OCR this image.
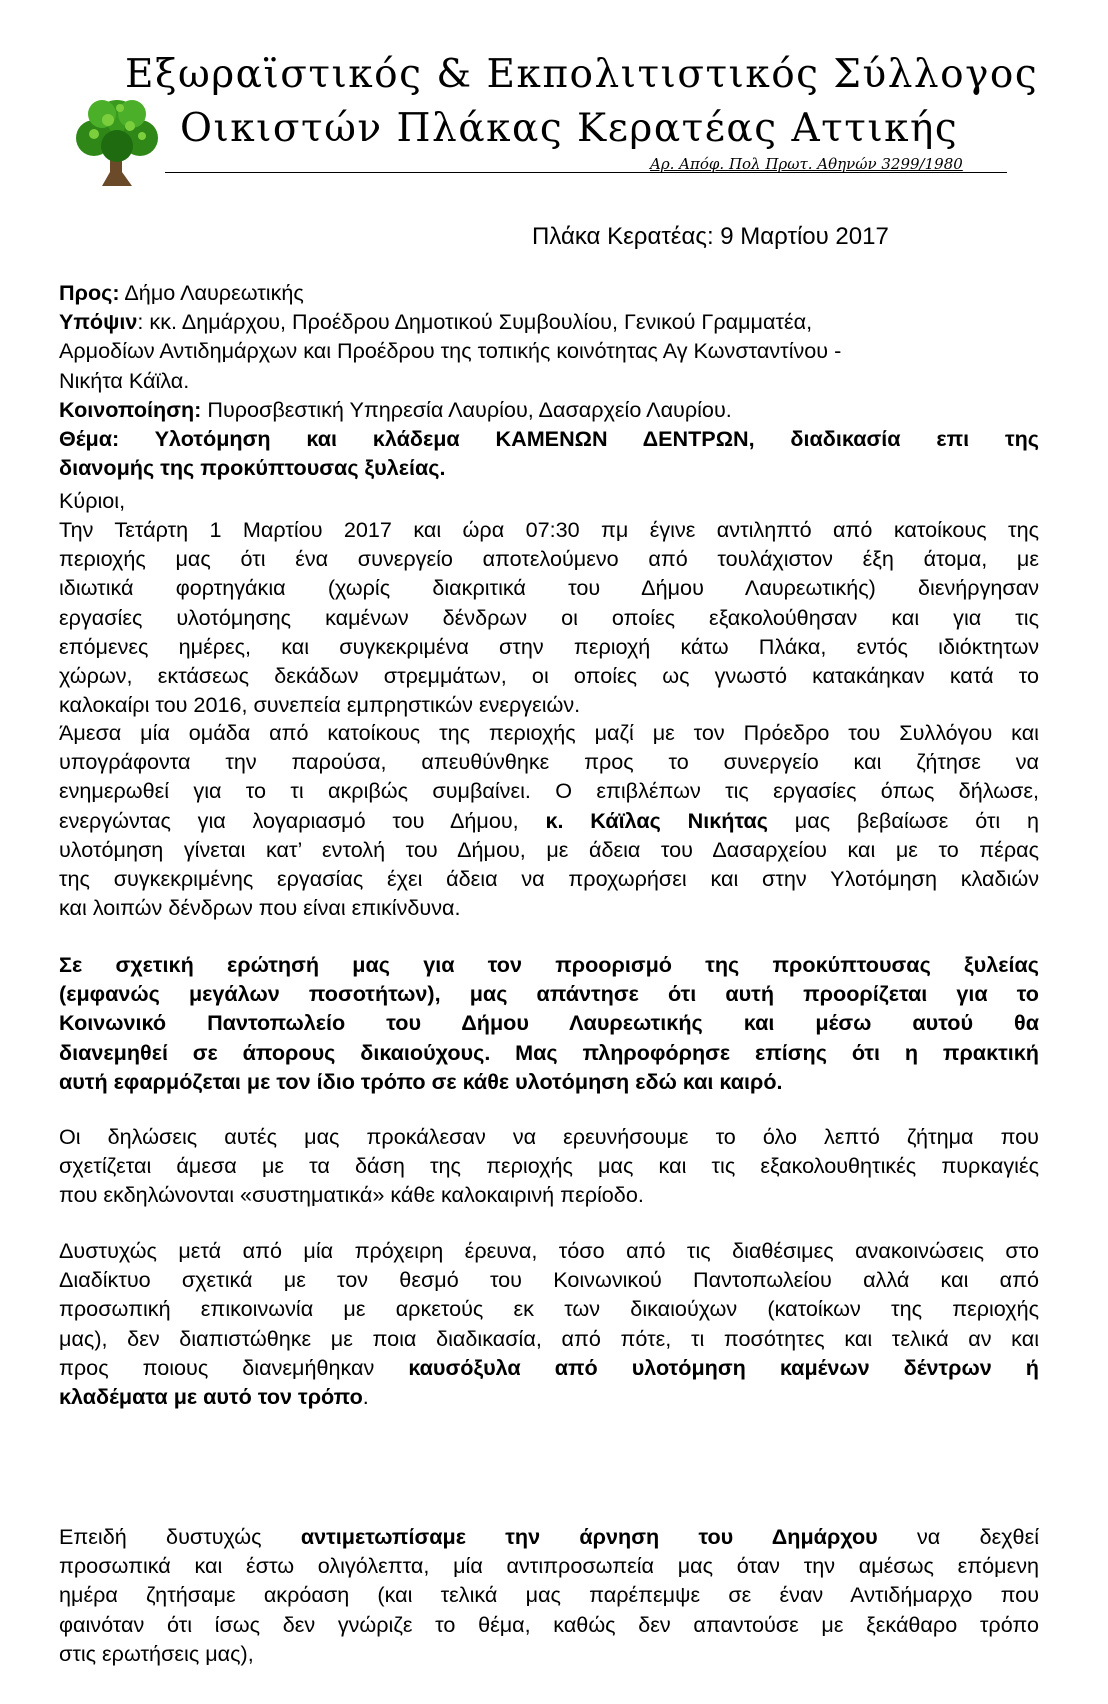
Εξωραϊστικός & Εκπολιτιστικός Σύλλογος
Οικιστών Πλάκας Κερατέας Αττικής
Αρ. Απόφ. Πολ Πρωτ. Αθηνών 3299/1980
Πλάκα Κερατέας: 9 Μαρτίου 2017
Προς: Δήμο Λαυρεωτικής
Υπόψιν: κκ. Δημάρχου, Προέδρου Δημοτικού Συμβουλίου, Γενικού Γραμματέα,
Αρμοδίων Αντιδημάρχων και Προέδρου της τοπικής κοινότητας Αγ Κωνσταντίνου -
Νικήτα Κάϊλα.
Κοινοποίηση: Πυροσβεστική Υπηρεσία Λαυρίου, Δασαρχείο Λαυρίου.
Θέμα: Υλοτόμηση και κλάδεμα ΚΑΜΕΝΩΝ ΔΕΝΤΡΩΝ, διαδικασία επι της
διανομής της προκύπτουσας ξυλείας.
Κύριοι,
Την Τετάρτη 1 Μαρτίου 2017 και ώρα 07:30 πμ έγινε αντιληπτό από κατοίκους της
περιοχής μας ότι ένα συνεργείο αποτελούμενο από τουλάχιστον έξη άτομα, με
ιδιωτικά φορτηγάκια (χωρίς διακριτικά του Δήμου Λαυρεωτικής) διενήργησαν
εργασίες υλοτόμησης καμένων δένδρων οι οποίες εξακολούθησαν και για τις
επόμενες ημέρες, και συγκεκριμένα στην περιοχή κάτω Πλάκα, εντός ιδιόκτητων
χώρων, εκτάσεως δεκάδων στρεμμάτων, οι οποίες ως γνωστό κατακάηκαν κατά το
καλοκαίρι του 2016, συνεπεία εμπρηστικών ενεργειών.
Άμεσα μία ομάδα από κατοίκους της περιοχής μαζί με τον Πρόεδρο του Συλλόγου και
υπογράφοντα την παρούσα, απευθύνθηκε προς το συνεργείο και ζήτησε να
ενημερωθεί για το τι ακριβώς συμβαίνει. Ο επιβλέπων τις εργασίες όπως δήλωσε,
ενεργώντας για λογαριασμό του Δήμου, κ. Κάϊλας Νικήτας μας βεβαίωσε ότι η
υλοτόμηση γίνεται κατ’ εντολή του Δήμου, με άδεια του Δασαρχείου και με το πέρας
της συγκεκριμένης εργασίας έχει άδεια να προχωρήσει και στην Υλοτόμηση κλαδιών
και λοιπών δένδρων που είναι επικίνδυνα.
Σε σχετική ερώτησή μας για τον προορισμό της προκύπτουσας ξυλείας
(εμφανώς μεγάλων ποσοτήτων), μας απάντησε ότι αυτή προορίζεται για το
Κοινωνικό Παντοπωλείο του Δήμου Λαυρεωτικής και μέσω αυτού θα
διανεμηθεί σε άπορους δικαιούχους. Μας πληροφόρησε επίσης ότι η πρακτική
αυτή εφαρμόζεται με τον ίδιο τρόπο σε κάθε υλοτόμηση εδώ και καιρό.
Οι δηλώσεις αυτές μας προκάλεσαν να ερευνήσουμε το όλο λεπτό ζήτημα που
σχετίζεται άμεσα με τα δάση της περιοχής μας και τις εξακολουθητικές πυρκαγιές
που εκδηλώνονται «συστηματικά» κάθε καλοκαιρινή περίοδο.
Δυστυχώς μετά από μία πρόχειρη έρευνα, τόσο από τις διαθέσιμες ανακοινώσεις στο
Διαδίκτυο σχετικά με τον θεσμό του Κοινωνικού Παντοπωλείου αλλά και από
προσωπική επικοινωνία με αρκετούς εκ των δικαιούχων (κατοίκων της περιοχής
μας), δεν διαπιστώθηκε με ποια διαδικασία, από πότε, τι ποσότητες και τελικά αν και
προς ποιους διανεμήθηκαν καυσόξυλα από υλοτόμηση καμένων δέντρων ή
κλαδέματα με αυτό τον τρόπο.
Επειδή δυστυχώς αντιμετωπίσαμε την άρνηση του Δημάρχου να δεχθεί
προσωπικά και έστω ολιγόλεπτα, μία αντιπροσωπεία μας όταν την αμέσως επόμενη
ημέρα ζητήσαμε ακρόαση (και τελικά μας παρέπεμψε σε έναν Αντιδήμαρχο που
φαινόταν ότι ίσως δεν γνώριζε το θέμα, καθώς δεν απαντούσε με ξεκάθαρο τρόπο
στις ερωτήσεις μας),
